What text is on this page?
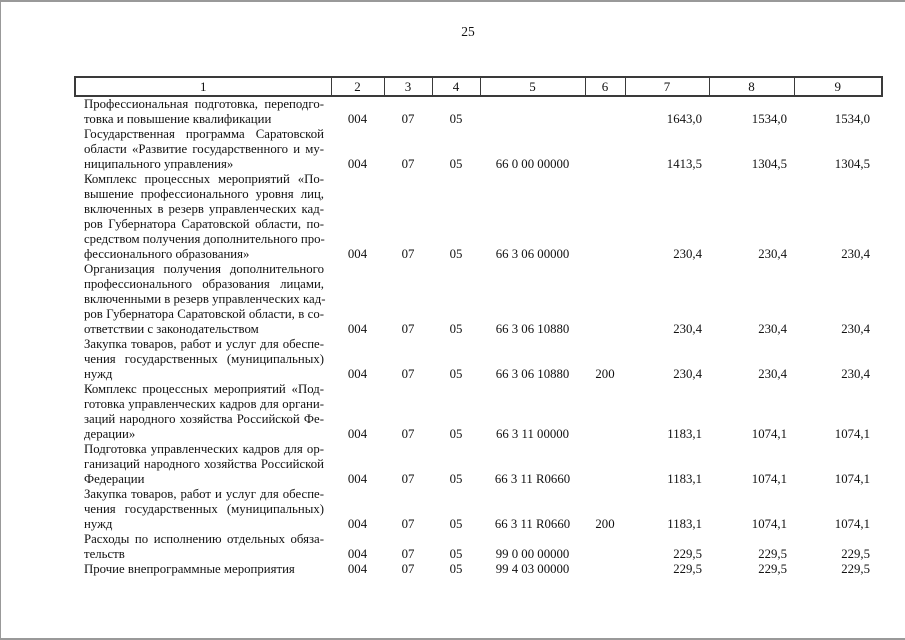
25
1	2	3	4	5	6	7	8	9

Профессиональная подготовка, переподго-
товка и повышение квалификации	004	07	05			1643,0	1534,0	1534,0

Государственная программа Саратовской
области «Развитие государственного и му-
ниципального управления»	004	07	05	66 0 00 00000		1413,5	1304,5	1304,5

Комплекс процессных мероприятий «По-
вышение профессионального уровня лиц,
включенных в резерв управленческих кад-
ров Губернатора Саратовской области, по-
средством получения дополнительного про-
фессионального образования»	004	07	05	66 3 06 00000		230,4	230,4	230,4

Организация получения дополнительного
профессионального образования лицами,
включенными в резерв управленческих кад-
ров Губернатора Саратовской области, в со-
ответствии с законодательством	004	07	05	66 3 06 10880		230,4	230,4	230,4

Закупка товаров, работ и услуг для обеспе-
чения государственных (муниципальных)
нужд	004	07	05	66 3 06 10880	200	230,4	230,4	230,4

Комплекс процессных мероприятий «Под-
готовка управленческих кадров для органи-
заций народного хозяйства Российской Фе-
дерации»	004	07	05	66 3 11 00000		1183,1	1074,1	1074,1

Подготовка управленческих кадров для ор-
ганизаций народного хозяйства Российской
Федерации	004	07	05	66 3 11 R0660		1183,1	1074,1	1074,1

Закупка товаров, работ и услуг для обеспе-
чения государственных (муниципальных)
нужд	004	07	05	66 3 11 R0660	200	1183,1	1074,1	1074,1

Расходы по исполнению отдельных обяза-
тельств	004	07	05	99 0 00 00000		229,5	229,5	229,5

Прочие внепрограммные мероприятия	004	07	05	99 4 03 00000		229,5	229,5	229,5
